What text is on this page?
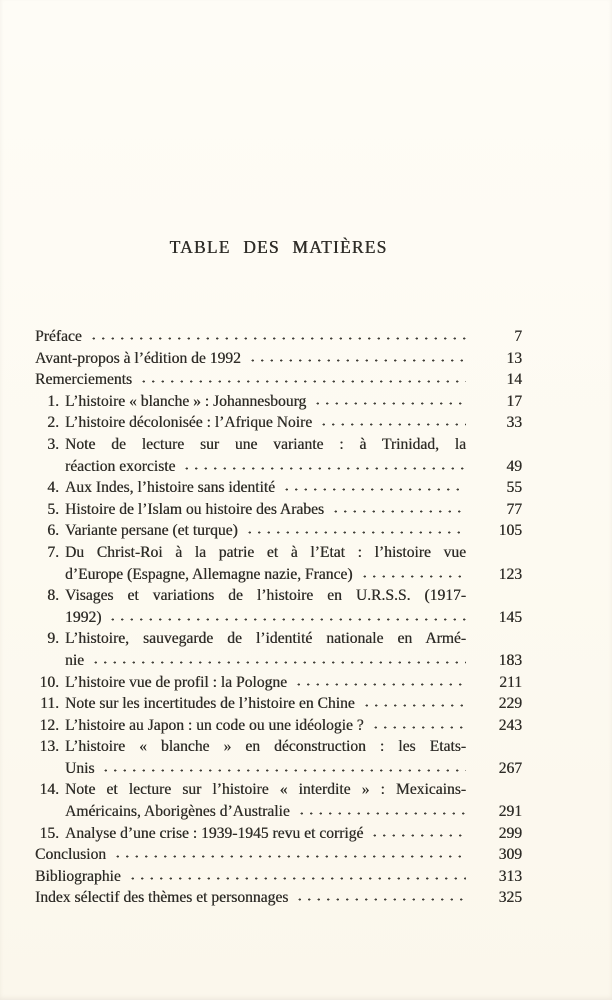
TABLE DES MATIÈRES
Préface	7
Avant-propos à l’édition de 1992	13
Remerciements	14
1. L’histoire « blanche » : Johannesbourg	17
2. L’histoire décolonisée : l’Afrique Noire	33
3. Note de lecture sur une variante : à Trinidad, la
réaction exorciste	49
4. Aux Indes, l’histoire sans identité	55
5. Histoire de l’Islam ou histoire des Arabes	77
6. Variante persane (et turque)	105
7. Du Christ-Roi à la patrie et à l’Etat : l’histoire vue
d’Europe (Espagne, Allemagne nazie, France)	123
8. Visages et variations de l’histoire en U.R.S.S. (1917-
1992)	145
9. L’histoire, sauvegarde de l’identité nationale en Armé-
nie	183
10. L’histoire vue de profil : la Pologne	211
11. Note sur les incertitudes de l’histoire en Chine	229
12. L’histoire au Japon : un code ou une idéologie ?	243
13. L’histoire « blanche » en déconstruction : les Etats-
Unis	267
14. Note et lecture sur l’histoire « interdite » : Mexicains-
Américains, Aborigènes d’Australie	291
15. Analyse d’une crise : 1939-1945 revu et corrigé	299
Conclusion	309
Bibliographie	313
Index sélectif des thèmes et personnages	325
